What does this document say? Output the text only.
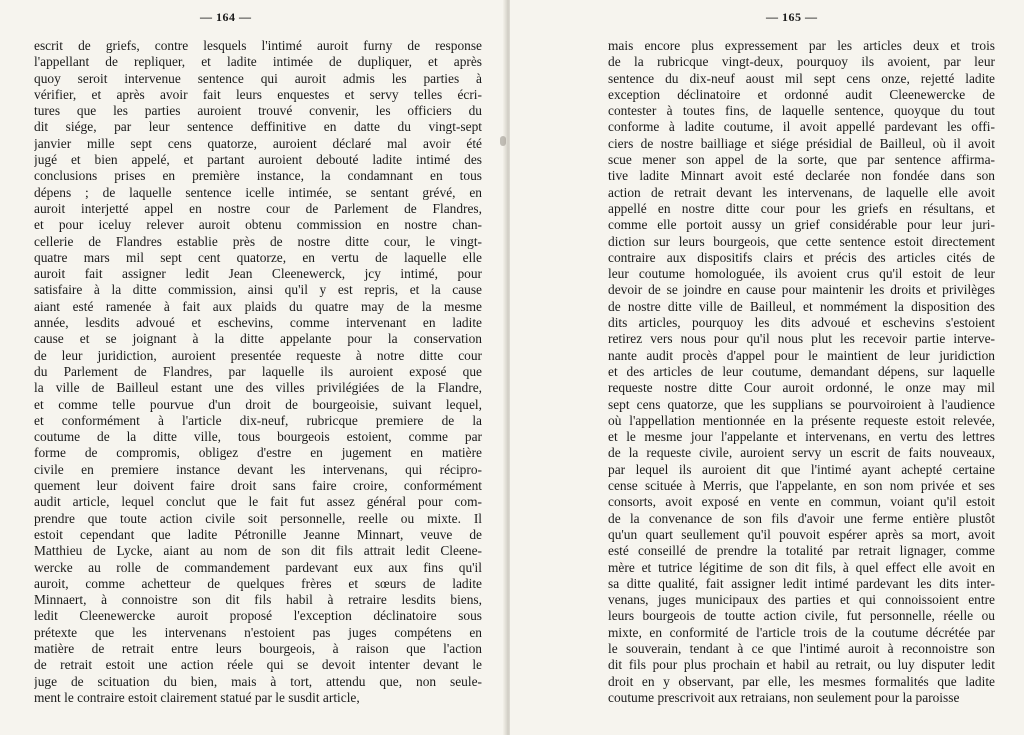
— 164 —
escrit de griefs, contre lesquels l'intimé auroit furny de response
l'appellant de repliquer, et ladite intimée de dupliquer, et après
quoy seroit intervenue sentence qui auroit admis les parties à
vérifier, et après avoir fait leurs enquestes et servy telles écri-
tures que les parties auroient trouvé convenir, les officiers du
dit siége, par leur sentence deffinitive en datte du vingt-sept
janvier mille sept cens quatorze, auroient déclaré mal avoir été
jugé et bien appelé, et partant auroient debouté ladite intimé des
conclusions prises en première instance, la condamnant en tous
dépens ; de laquelle sentence icelle intimée, se sentant grévé, en
auroit interjetté appel en nostre cour de Parlement de Flandres,
et pour iceluy relever auroit obtenu commission en nostre chan-
cellerie de Flandres establie près de nostre ditte cour, le vingt-
quatre mars mil sept cent quatorze, en vertu de laquelle elle
auroit fait assigner ledit Jean Cleenewerck, jcy intimé, pour
satisfaire à la ditte commission, ainsi qu'il y est repris, et la cause
aiant esté ramenée à fait aux plaids du quatre may de la mesme
année, lesdits advoué et eschevins, comme intervenant en ladite
cause et se joignant à la ditte appelante pour la conservation
de leur juridiction, auroient presentée requeste à notre ditte cour
du Parlement de Flandres, par laquelle ils auroient exposé que
la ville de Bailleul estant une des villes privilégiées de la Flandre,
et comme telle pourvue d'un droit de bourgeoisie, suivant lequel,
et conformément à l'article dix-neuf, rubricque premiere de la
coutume de la ditte ville, tous bourgeois estoient, comme par
forme de compromis, obligez d'estre en jugement en matière
civile en premiere instance devant les intervenans, qui récipro-
quement leur doivent faire droit sans faire croire, conformément
audit article, lequel conclut que le fait fut assez général pour com-
prendre que toute action civile soit personnelle, reelle ou mixte. Il
estoit cependant que ladite Pétronille Jeanne Minnart, veuve de
Matthieu de Lycke, aiant au nom de son dit fils attrait ledit Cleene-
wercke au rolle de commandement pardevant eux aux fins qu'il
auroit, comme achetteur de quelques frères et sœurs de ladite
Minnaert, à connoistre son dit fils habil à retraire lesdits biens,
ledit Cleenewercke auroit proposé l'exception déclinatoire sous
prétexte que les intervenans n'estoient pas juges compétens en
matière de retrait entre leurs bourgeois, à raison que l'action
de retrait estoit une action réele qui se devoit intenter devant le
juge de scituation du bien, mais à tort, attendu que, non seule-
ment le contraire estoit clairement statué par le susdit article,
— 165 —
mais encore plus expressement par les articles deux et trois
de la rubricque vingt-deux, pourquoy ils avoient, par leur
sentence du dix-neuf aoust mil sept cens onze, rejetté ladite
exception déclinatoire et ordonné audit Cleenewercke de
contester à toutes fins, de laquelle sentence, quoyque du tout
conforme à ladite coutume, il avoit appellé pardevant les offi-
ciers de nostre bailliage et siége présidial de Bailleul, où il avoit
scue mener son appel de la sorte, que par sentence affirma-
tive ladite Minnart avoit esté declarée non fondée dans son
action de retrait devant les intervenans, de laquelle elle avoit
appellé en nostre ditte cour pour les griefs en résultans, et
comme elle portoit aussy un grief considérable pour leur juri-
diction sur leurs bourgeois, que cette sentence estoit directement
contraire aux dispositifs clairs et précis des articles cités de
leur coutume homologuée, ils avoient crus qu'il estoit de leur
devoir de se joindre en cause pour maintenir les droits et privilèges
de nostre ditte ville de Bailleul, et nommément la disposition des
dits articles, pourquoy les dits advoué et eschevins s'estoient
retirez vers nous pour qu'il nous plut les recevoir partie interve-
nante audit procès d'appel pour le maintient de leur juridiction
et des articles de leur coutume, demandant dépens, sur laquelle
requeste nostre ditte Cour auroit ordonné, le onze may mil
sept cens quatorze, que les supplians se pourvoiroient à l'audience
où l'appellation mentionnée en la présente requeste estoit relevée,
et le mesme jour l'appelante et intervenans, en vertu des lettres
de la requeste civile, auroient servy un escrit de faits nouveaux,
par lequel ils auroient dit que l'intimé ayant achepté certaine
cense scituée à Merris, que l'appelante, en son nom privée et ses
consorts, avoit exposé en vente en commun, voiant qu'il estoit
de la convenance de son fils d'avoir une ferme entière plustôt
qu'un quart seullement qu'il pouvoit espérer après sa mort, avoit
esté conseillé de prendre la totalité par retrait lignager, comme
mère et tutrice légitime de son dit fils, à quel effect elle avoit en
sa ditte qualité, fait assigner ledit intimé pardevant les dits inter-
venans, juges municipaux des parties et qui connoissoient entre
leurs bourgeois de toutte action civile, fut personnelle, réelle ou
mixte, en conformité de l'article trois de la coutume décrétée par
le souverain, tendant à ce que l'intimé auroit à reconnoistre son
dit fils pour plus prochain et habil au retrait, ou luy disputer ledit
droit en y observant, par elle, les mesmes formalités que ladite
coutume prescrivoit aux retraians, non seulement pour la paroisse
